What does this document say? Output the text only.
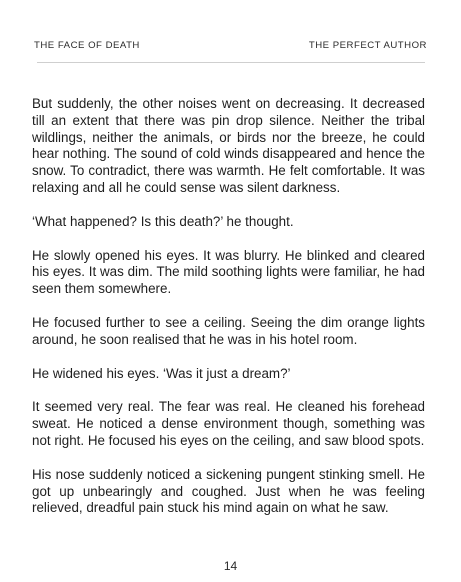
THE FACE OF DEATH	THE PERFECT AUTHOR

But suddenly, the other noises went on decreasing. It decreased till an extent that there was pin drop silence. Neither the tribal wildlings, neither the animals, or birds nor the breeze, he could hear nothing. The sound of cold winds disappeared and hence the snow. To contradict, there was warmth. He felt comfortable. It was relaxing and all he could sense was silent darkness.

‘What happened? Is this death?’ he thought.

He slowly opened his eyes. It was blurry. He blinked and cleared his eyes. It was dim. The mild soothing lights were familiar, he had seen them somewhere.

He focused further to see a ceiling. Seeing the dim orange lights around, he soon realised that he was in his hotel room.

He widened his eyes. ‘Was it just a dream?’

It seemed very real. The fear was real. He cleaned his forehead sweat. He noticed a dense environment though, something was not right. He focused his eyes on the ceiling, and saw blood spots.

His nose suddenly noticed a sickening pungent stinking smell. He got up unbearingly and coughed. Just when he was feeling relieved, dreadful pain stuck his mind again on what he saw.

14
